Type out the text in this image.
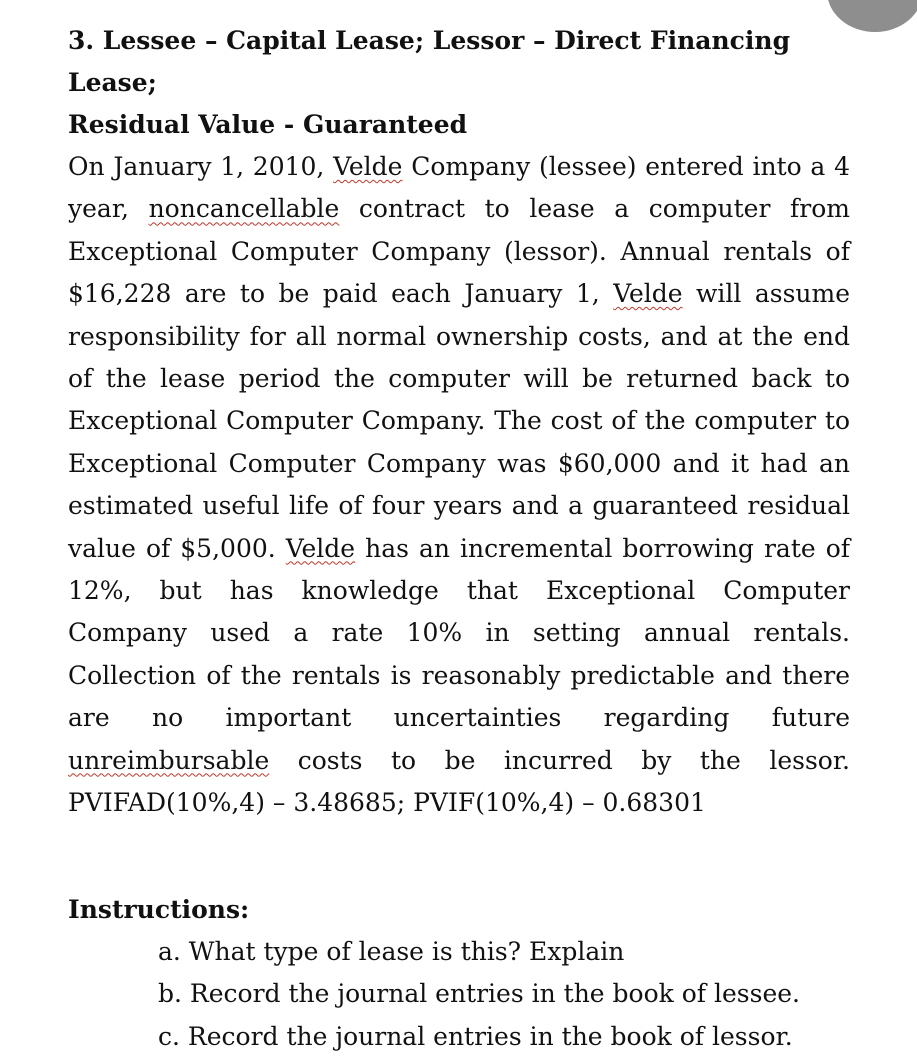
3. Lessee – Capital Lease; Lessor – Direct Financing Lease;
Residual Value - Guaranteed

On January 1, 2010, Velde Company (lessee) entered into a 4 year, noncancellable contract to lease a computer from Exceptional Computer Company (lessor). Annual rentals of $16,228 are to be paid each January 1, Velde will assume responsibility for all normal ownership costs, and at the end of the lease period the computer will be returned back to Exceptional Computer Company. The cost of the computer to Exceptional Computer Company was $60,000 and it had an estimated useful life of four years and a guaranteed residual value of $5,000. Velde has an incremental borrowing rate of 12%, but has knowledge that Exceptional Computer Company used a rate 10% in setting annual rentals. Collection of the rentals is reasonably predictable and there are no important uncertainties regarding future unreimbursable costs to be incurred by the lessor. PVIFAD(10%,4) – 3.48685; PVIF(10%,4) – 0.68301

Instructions:

a. What type of lease is this? Explain
b. Record the journal entries in the book of lessee.
c. Record the journal entries in the book of lessor.
